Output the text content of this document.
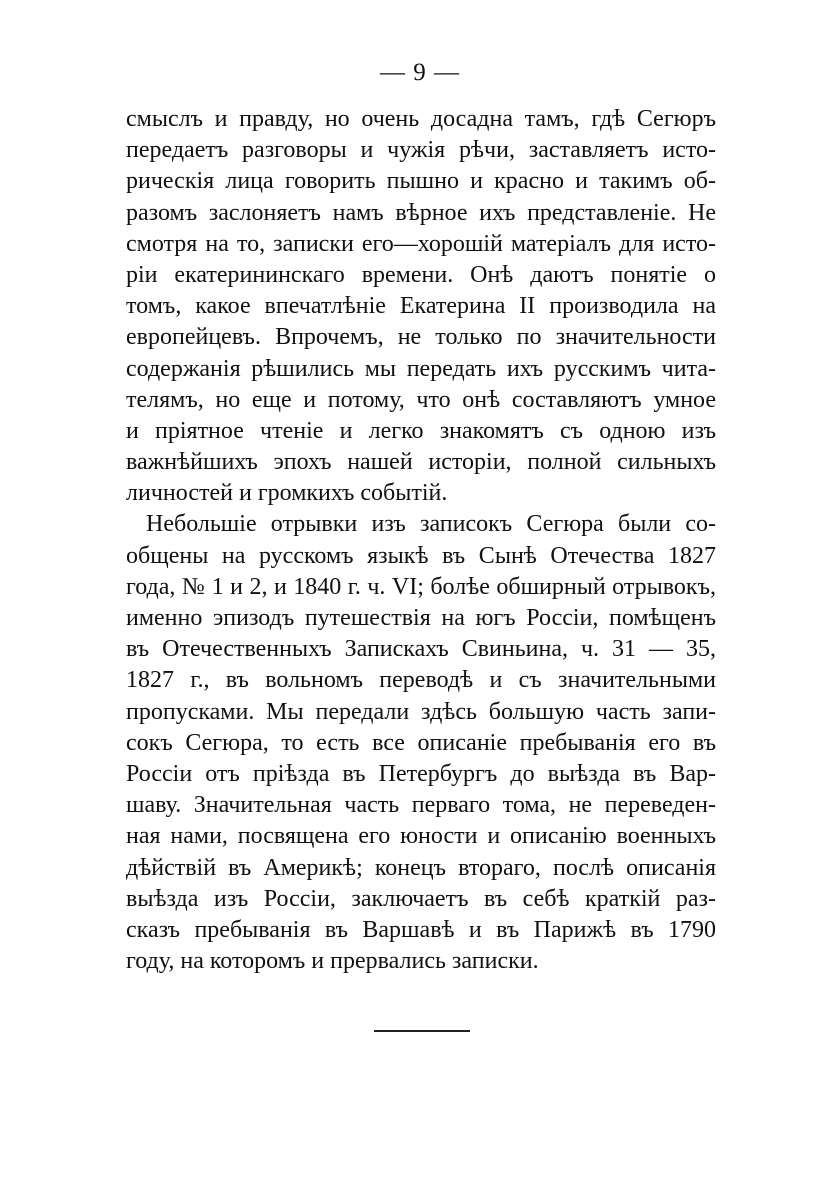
— 9 —
смыслъ и правду, но очень досадна тамъ, гдѣ Сегюръ
передаетъ разговоры и чужія рѣчи, заставляетъ исто-
рическія лица говорить пышно и красно и такимъ об-
разомъ заслоняетъ намъ вѣрное ихъ представленіе. Не
смотря на то, записки его—хорошій матеріалъ для исто-
ріи екатерининскаго времени. Онѣ даютъ понятіе о
томъ, какое впечатлѣніе Екатерина II производила на
европейцевъ. Впрочемъ, не только по значительности
содержанія рѣшились мы передать ихъ русскимъ чита-
телямъ, но еще и потому, что онѣ составляютъ умное
и пріятное чтеніе и легко знакомятъ съ одною изъ
важнѣйшихъ эпохъ нашей исторіи, полной сильныхъ
личностей и громкихъ событій.
Небольшіе отрывки изъ записокъ Сегюра были со-
общены на русскомъ языкѣ въ Сынѣ Отечества 1827
года, № 1 и 2, и 1840 г. ч. VI; болѣе обширный отрывокъ,
именно эпизодъ путешествія на югъ Россіи, помѣщенъ
въ Отечественныхъ Запискахъ Свиньина, ч. 31 — 35,
1827 г., въ вольномъ переводѣ и съ значительными
пропусками. Мы передали здѣсь большую часть запи-
сокъ Сегюра, то есть все описаніе пребыванія его въ
Россіи отъ пріѣзда въ Петербургъ до выѣзда въ Вар-
шаву. Значительная часть перваго тома, не переведен-
ная нами, посвящена его юности и описанію военныхъ
дѣйствій въ Америкѣ; конецъ втораго, послѣ описанія
выѣзда изъ Россіи, заключаетъ въ себѣ краткій раз-
сказъ пребыванія въ Варшавѣ и въ Парижѣ въ 1790
году, на которомъ и прервались записки.
